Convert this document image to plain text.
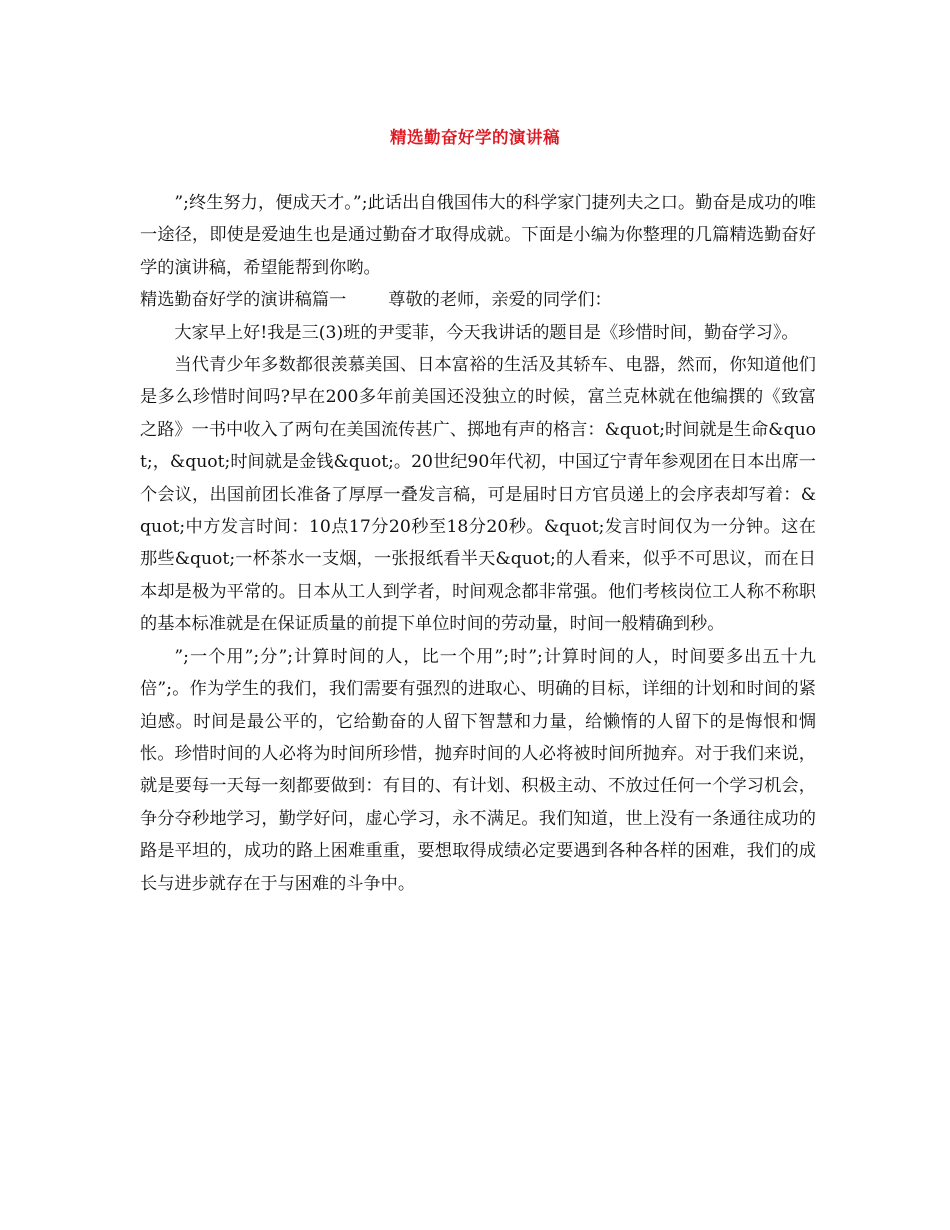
精选勤奋好学的演讲稿

”;终生努力，便成天才。”;此话出自俄国伟大的科学家门捷列夫之口。勤奋是成功的唯一途径，即使是爱迪生也是通过勤奋才取得成就。下面是小编为你整理的几篇精选勤奋好学的演讲稿，希望能帮到你哟。

精选勤奋好学的演讲稿篇一 尊敬的老师，亲爱的同学们：

大家早上好!我是三(3)班的尹雯菲，今天我讲话的题目是《珍惜时间，勤奋学习》。

当代青少年多数都很羡慕美国、日本富裕的生活及其轿车、电器，然而，你知道他们是多么珍惜时间吗?早在200多年前美国还没独立的时候，富兰克林就在他编撰的《致富之路》一书中收入了两句在美国流传甚广、掷地有声的格言：&quot;时间就是生命&quot;，&quot;时间就是金钱&quot;。20世纪90年代初，中国辽宁青年参观团在日本出席一个会议，出国前团长准备了厚厚一叠发言稿，可是届时日方官员递上的会序表却写着：&quot;中方发言时间：10点17分20秒至18分20秒。&quot;发言时间仅为一分钟。这在那些&quot;一杯茶水一支烟，一张报纸看半天&quot;的人看来，似乎不可思议，而在日本却是极为平常的。日本从工人到学者，时间观念都非常强。他们考核岗位工人称不称职的基本标准就是在保证质量的前提下单位时间的劳动量，时间一般精确到秒。

”;一个用”;分”;计算时间的人，比一个用”;时”;计算时间的人，时间要多出五十九倍”;。作为学生的我们，我们需要有强烈的进取心、明确的目标，详细的计划和时间的紧迫感。时间是最公平的，它给勤奋的人留下智慧和力量，给懒惰的人留下的是悔恨和惆怅。珍惜时间的人必将为时间所珍惜，抛弃时间的人必将被时间所抛弃。对于我们来说，就是要每一天每一刻都要做到：有目的、有计划、积极主动、不放过任何一个学习机会，争分夺秒地学习，勤学好问，虚心学习，永不满足。我们知道，世上没有一条通往成功的路是平坦的，成功的路上困难重重，要想取得成绩必定要遇到各种各样的困难，我们的成长与进步就存在于与困难的斗争中。
